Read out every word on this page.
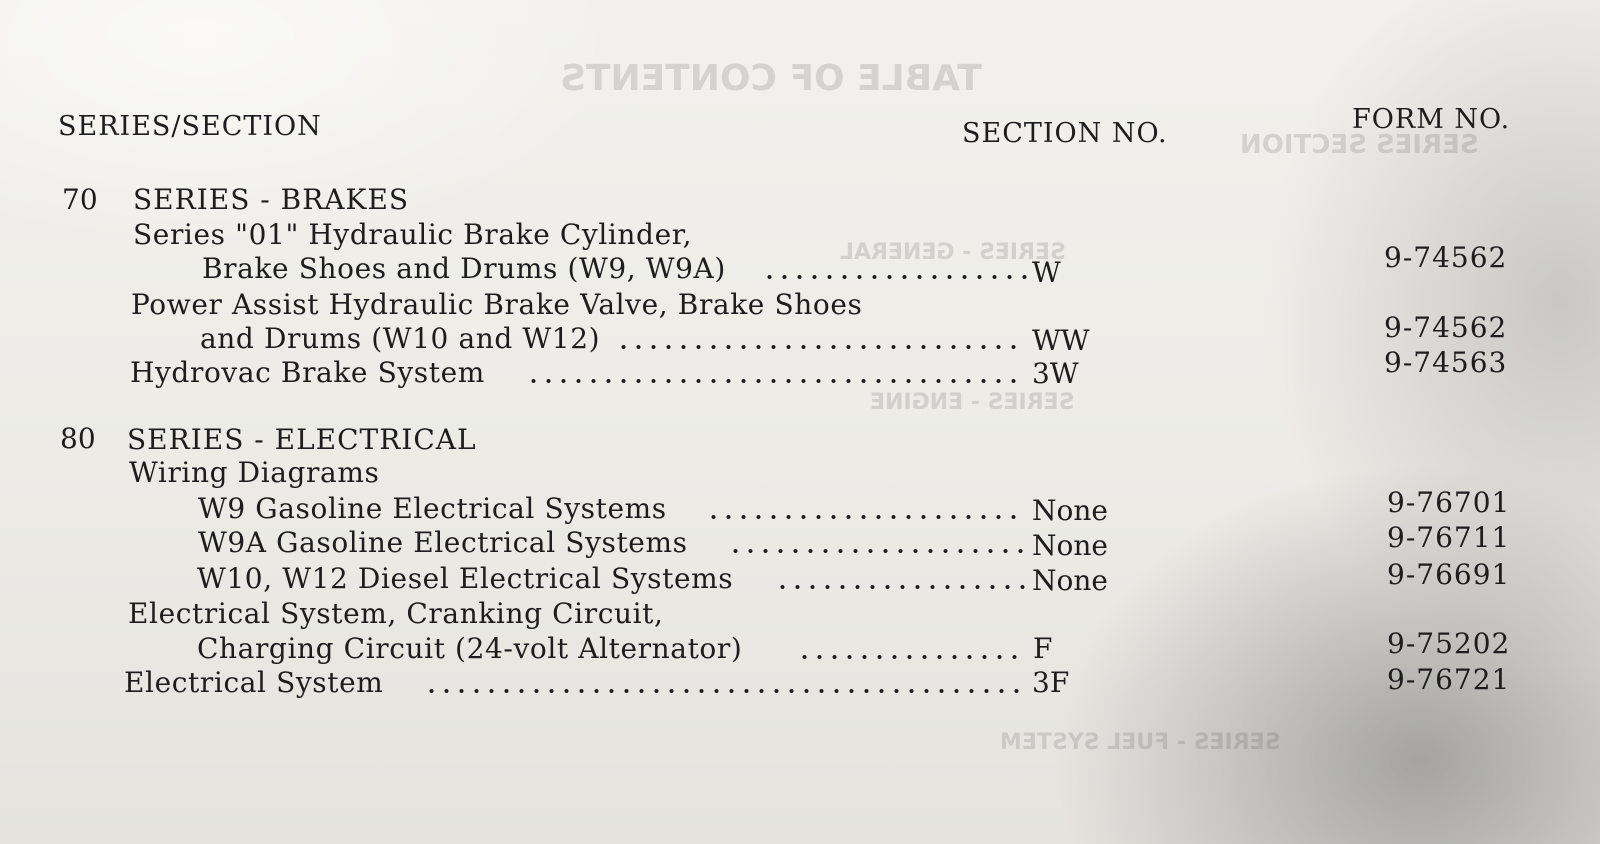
TABLE OF CONTENTS
SERIES SECTION
SERIES - GENERAL
SERIES - ENGINE
SERIES - FUEL SYSTEM
SERIES/SECTION	SECTION NO.	FORM NO.
70 SERIES - BRAKES
Series "01" Hydraulic Brake Cylinder,
Brake Shoes and Drums (W9, W9A)	W	9-74562
Power Assist Hydraulic Brake Valve, Brake Shoes
and Drums (W10 and W12)	WW	9-74562
Hydrovac Brake System	3W	9-74563
80 SERIES - ELECTRICAL
Wiring Diagrams
W9 Gasoline Electrical Systems	None	9-76701
W9A Gasoline Electrical Systems	None	9-76711
W10, W12 Diesel Electrical Systems	None	9-76691
Electrical System, Cranking Circuit,
Charging Circuit (24-volt Alternator)	F	9-75202
Electrical System	3F	9-76721
